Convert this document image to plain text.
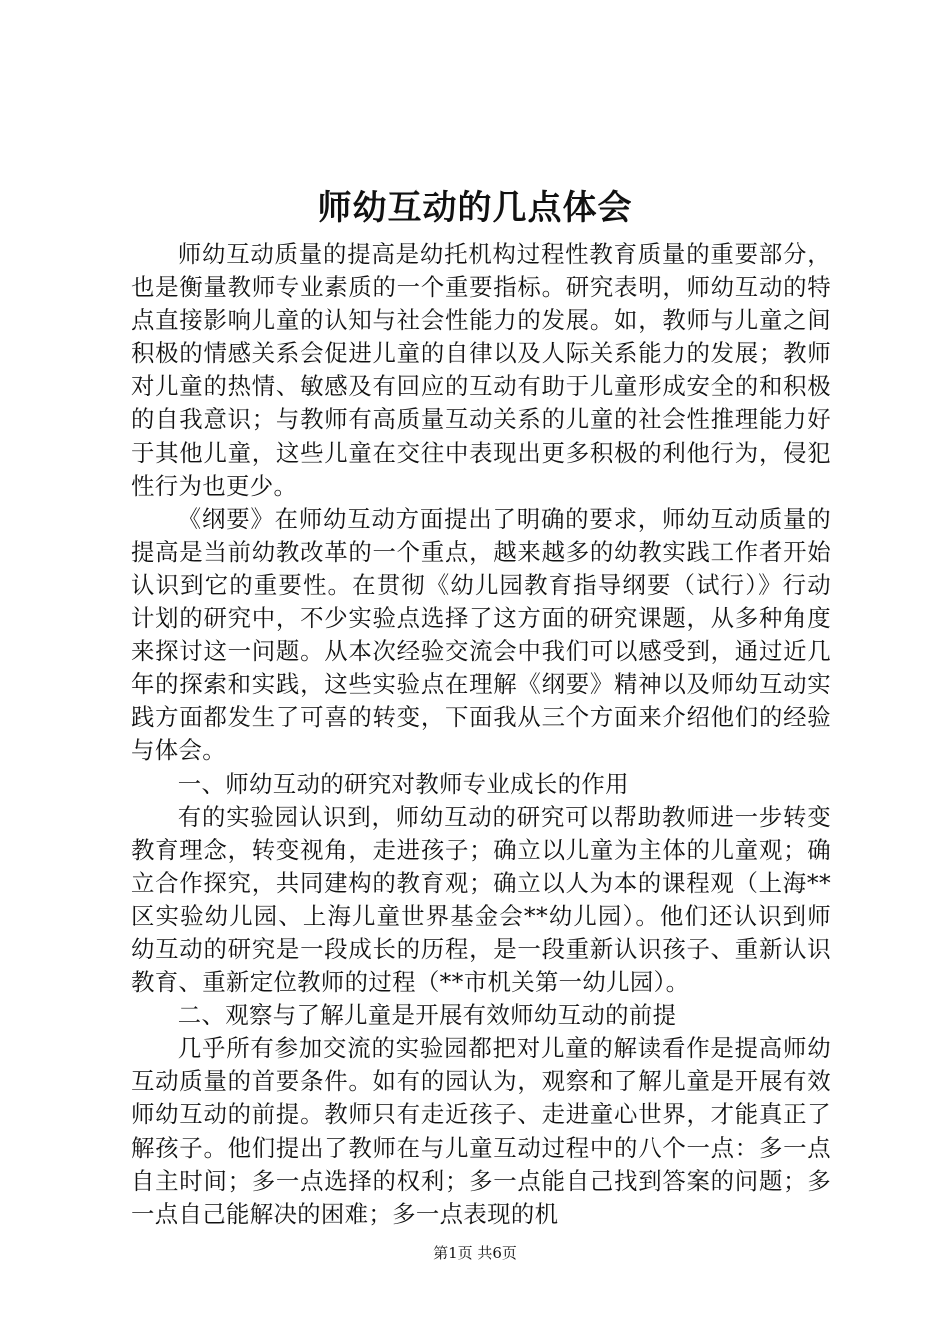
师幼互动的几点体会

师幼互动质量的提高是幼托机构过程性教育质量的重要部分，也是衡量教师专业素质的一个重要指标。研究表明，师幼互动的特点直接影响儿童的认知与社会性能力的发展。如，教师与儿童之间积极的情感关系会促进儿童的自律以及人际关系能力的发展；教师对儿童的热情、敏感及有回应的互动有助于儿童形成安全的和积极的自我意识；与教师有高质量互动关系的儿童的社会性推理能力好于其他儿童，这些儿童在交往中表现出更多积极的利他行为，侵犯性行为也更少。

《纲要》在师幼互动方面提出了明确的要求，师幼互动质量的提高是当前幼教改革的一个重点，越来越多的幼教实践工作者开始认识到它的重要性。在贯彻《幼儿园教育指导纲要（试行）》行动计划的研究中，不少实验点选择了这方面的研究课题，从多种角度来探讨这一问题。从本次经验交流会中我们可以感受到，通过近几年的探索和实践，这些实验点在理解《纲要》精神以及师幼互动实践方面都发生了可喜的转变，下面我从三个方面来介绍他们的经验与体会。

一、师幼互动的研究对教师专业成长的作用

有的实验园认识到，师幼互动的研究可以帮助教师进一步转变教育理念，转变视角，走进孩子；确立以儿童为主体的儿童观；确立合作探究，共同建构的教育观；确立以人为本的课程观（上海**区实验幼儿园、上海儿童世界基金会**幼儿园）。他们还认识到师幼互动的研究是一段成长的历程，是一段重新认识孩子、重新认识教育、重新定位教师的过程（**市机关第一幼儿园）。

二、观察与了解儿童是开展有效师幼互动的前提

几乎所有参加交流的实验园都把对儿童的解读看作是提高师幼互动质量的首要条件。如有的园认为，观察和了解儿童是开展有效师幼互动的前提。教师只有走近孩子、走进童心世界，才能真正了解孩子。他们提出了教师在与儿童互动过程中的八个一点：多一点自主时间；多一点选择的权利；多一点能自己找到答案的问题；多一点自己能解决的困难；多一点表现的机

第1页 共6页
